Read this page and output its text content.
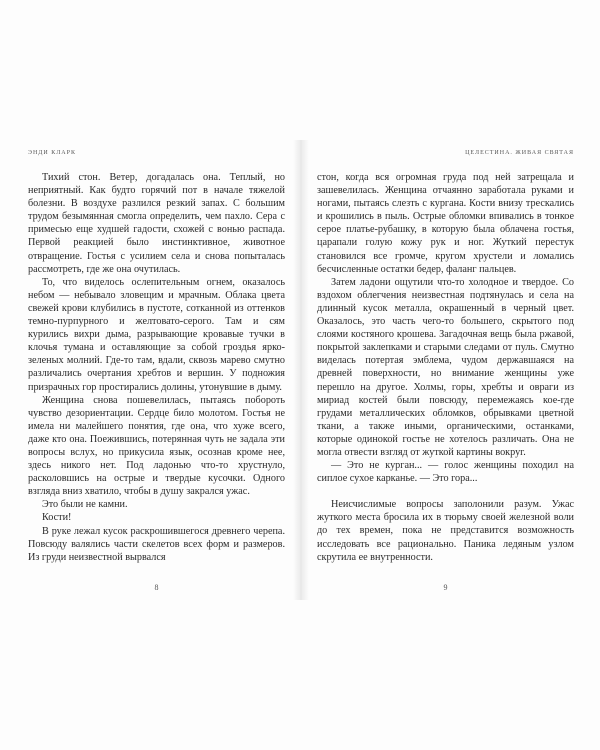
ЭНДИ КЛАРК

Тихий стон. Ветер, догадалась она. Теплый, но неприятный. Как будто горячий пот в начале тяжелой болезни. В воздухе разлился резкий запах. С большим трудом безымянная смогла определить, чем пахло. Сера с примесью еще худшей гадости, схожей с вонью распада. Первой реакцией было инстинктивное, животное отвращение. Гостья с усилием села и снова попыталась рассмотреть, где же она очутилась.

То, что виделось ослепительным огнем, оказалось небом — небывало зловещим и мрачным. Облака цвета свежей крови клубились в пустоте, сотканной из оттенков темно-пурпурного и желтовато-серого. Там и сям курились вихри дыма, разрывающие кровавые тучки в клочья тумана и оставляющие за собой гроздья ярко-зеленых молний. Где-то там, вдали, сквозь марево смутно различались очертания хребтов и вершин. У подножия призрачных гор простирались долины, утонувшие в дыму.

Женщина снова пошевелилась, пытаясь побороть чувство дезориентации. Сердце било молотом. Гостья не имела ни малейшего понятия, где она, что хуже всего, даже кто она. Поежившись, потерянная чуть не задала эти вопросы вслух, но прикусила язык, осознав кроме нее, здесь никого нет. Под ладонью что-то хрустнуло, расколовшись на острые и твердые кусочки. Одного взгляда вниз хватило, чтобы в душу закрался ужас.

Это были не камни.

Кости!

В руке лежал кусок раскрошившегося древнего черепа. Повсюду валялись части скелетов всех форм и размеров. Из груди неизвестной вырвался

8
ЦЕЛЕСТИНА. ЖИВАЯ СВЯТАЯ

стон, когда вся огромная груда под ней затрещала и зашевелилась. Женщина отчаянно заработала руками и ногами, пытаясь слезть с кургана. Кости внизу трескались и крошились в пыль. Острые обломки впивались в тонкое серое платье-рубашку, в которую была облачена гостья, царапали голую кожу рук и ног. Жуткий перестук становился все громче, кругом хрустели и ломались бесчисленные остатки бедер, фаланг пальцев.

Затем ладони ощутили что-то холодное и твердое. Со вздохом облегчения неизвестная подтянулась и села на длинный кусок металла, окрашенный в черный цвет. Оказалось, это часть чего-то большего, скрытого под слоями костяного крошева. Загадочная вещь была ржавой, покрытой заклепками и старыми следами от пуль. Смутно виделась потертая эмблема, чудом державшаяся на древней поверхности, но внимание женщины уже перешло на другое. Холмы, горы, хребты и овраги из мириад костей были повсюду, перемежаясь кое-где грудами металлических обломков, обрывками цветной ткани, а также иными, органическими, останками, которые одинокой гостье не хотелось различать. Она не могла отвести взгляд от жуткой картины вокруг.

— Это не курган... — голос женщины походил на сиплое сухое карканье. — Это гора...

Неисчислимые вопросы заполонили разум. Ужас жуткого места бросила их в тюрьму своей железной воли до тех времен, пока не представится возможность исследовать все рационально. Паника ледяным узлом скрутила ее внутренности.

9
